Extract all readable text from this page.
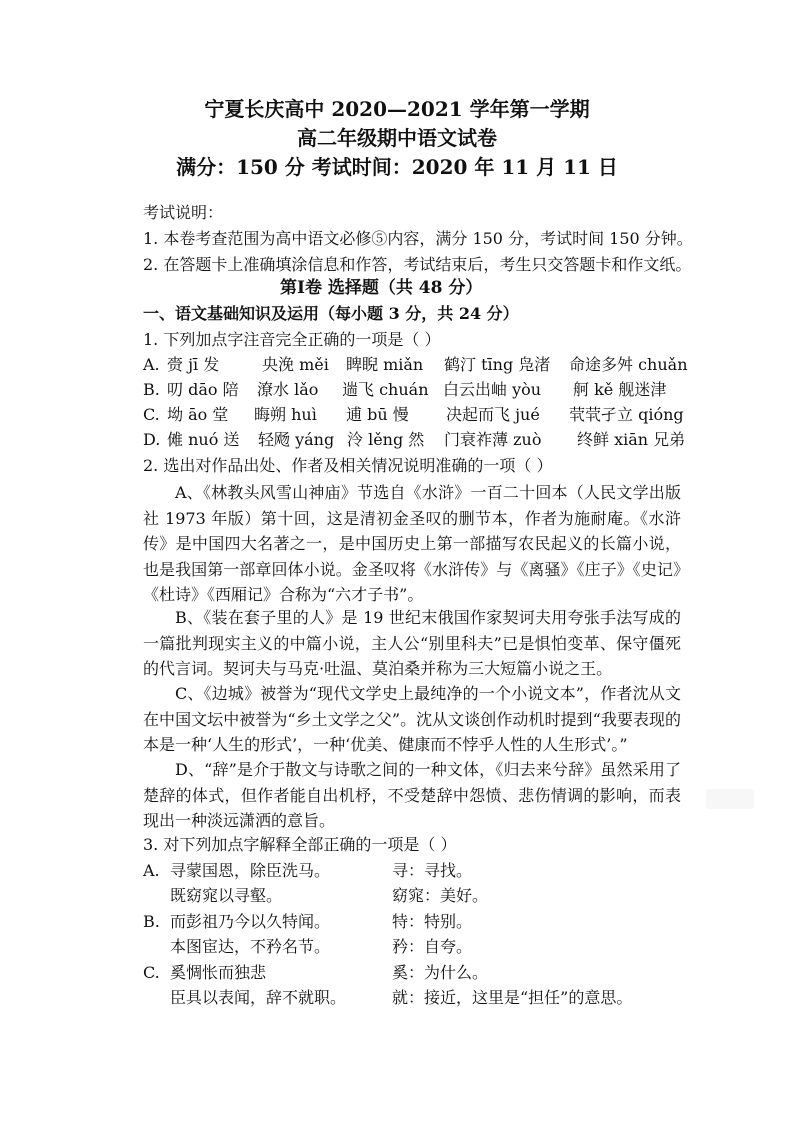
宁夏长庆高中 2020—2021 学年第一学期
高二年级期中语文试卷
满分：150 分 考试时间：2020 年 11 月 11 日
考试说明：
1. 本卷考查范围为高中语文必修⑤内容，满分 150 分，考试时间 150 分钟。
2. 在答题卡上准确填涂信息和作答，考试结束后，考生只交答题卡和作文纸。
第Ⅰ卷 选择题（共 48 分）
一、语文基础知识及运用（每小题 3 分，共 24 分）
1. 下列加点字注音完全正确的一项是（ ）
A. 赍 jī 发	央浼 měi 睥睨 miǎn 鹤汀 tīng 凫渚 命途多舛 chuǎn
B. 叨 dāo 陪 潦水 lǎo 遄飞 chuán 白云出岫 yòu 舸 kě 舰迷津
C. 坳 āo 堂 晦朔 huì 逋 bū 慢 决起而飞 jué 茕茕孑立 qióng
D. 傩 nuó 送 轻飏 yáng 泠 lěng 然 门衰祚薄 zuò 终鲜 xiān 兄弟
2. 选出对作品出处、作者及相关情况说明准确的一项（ ）
A、《林教头风雪山神庙》节选自《水浒》一百二十回本（人民文学出版社 1973 年版）第十回，这是清初金圣叹的删节本，作者为施耐庵。《水浒传》是中国四大名著之一，是中国历史上第一部描写农民起义的长篇小说，也是我国第一部章回体小说。金圣叹将《水浒传》与《离骚》《庄子》《史记》《杜诗》《西厢记》合称为“六才子书”。
B、《装在套子里的人》是 19 世纪末俄国作家契诃夫用夸张手法写成的一篇批判现实主义的中篇小说，主人公“别里科夫”已是惧怕变革、保守僵死的代言词。契诃夫与马克·吐温、莫泊桑并称为三大短篇小说之王。
C、《边城》被誉为“现代文学史上最纯净的一个小说文本”，作者沈从文在中国文坛中被誉为“乡土文学之父”。沈从文谈创作动机时提到“我要表现的本是一种‘人生的形式’，一种‘优美、健康而不悖乎人性的人生形式’。”
D、“辞”是介于散文与诗歌之间的一种文体，《归去来兮辞》虽然采用了楚辞的体式，但作者能自出机杼，不受楚辞中怨愤、悲伤情调的影响，而表现出一种淡远潇洒的意旨。
3. 对下列加点字解释全部正确的一项是（ ）
A. 寻蒙国恩，除臣洗马。	寻：寻找。
既窈窕以寻壑。	窈窕：美好。
B. 而彭祖乃今以久特闻。	特：特别。
本图宦达，不矜名节。	矜：自夸。
C. 奚惆怅而独悲	奚：为什么。
臣具以表闻，辞不就职。	就：接近，这里是“担任”的意思。
